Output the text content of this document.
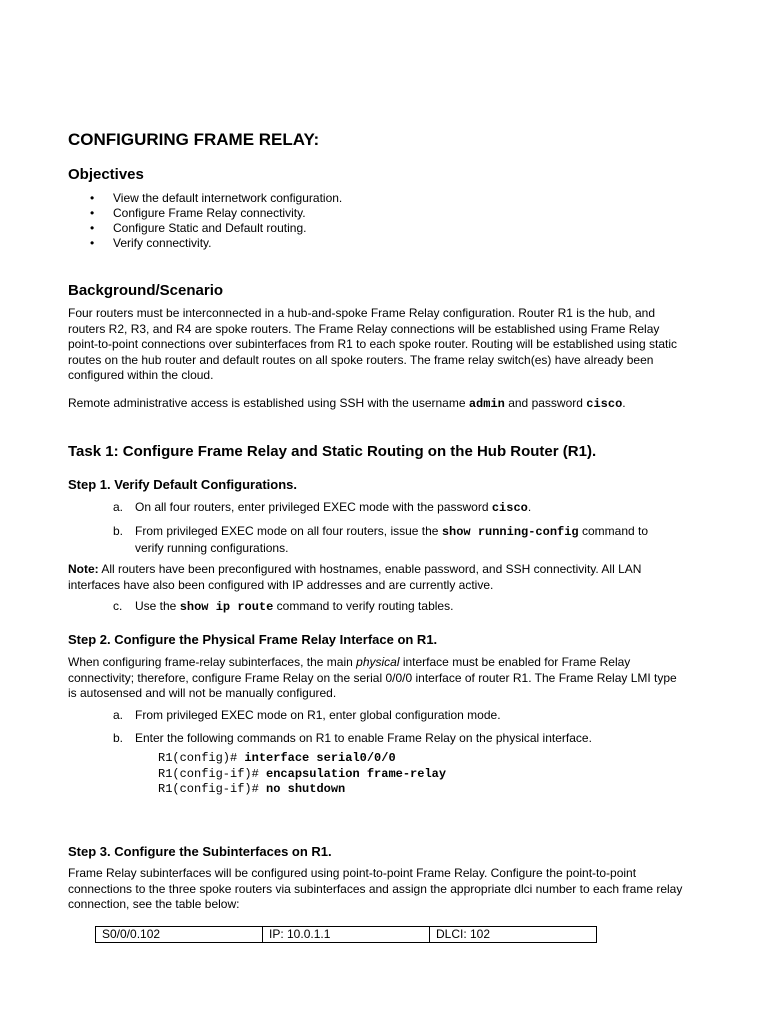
CONFIGURING FRAME RELAY:
Objectives
• View the default internetwork configuration.
• Configure Frame Relay connectivity.
• Configure Static and Default routing.
• Verify connectivity.
Background/Scenario

Four routers must be interconnected in a hub-and-spoke Frame Relay configuration. Router R1 is the hub, and routers R2, R3, and R4 are spoke routers. The Frame Relay connections will be established using Frame Relay point-to-point connections over subinterfaces from R1 to each spoke router. Routing will be established using static routes on the hub router and default routes on all spoke routers. The frame relay switch(es) have already been configured within the cloud.

Remote administrative access is established using SSH with the username admin and password cisco.

Task 1: Configure Frame Relay and Static Routing on the Hub Router (R1).
Step 1. Verify Default Configurations.
a. On all four routers, enter privileged EXEC mode with the password cisco.
b. From privileged EXEC mode on all four routers, issue the show running-config command to verify running configurations.

Note: All routers have been preconfigured with hostnames, enable password, and SSH connectivity. All LAN interfaces have also been configured with IP addresses and are currently active.

c.	Use the show ip route command to verify routing tables.
Step 2. Configure the Physical Frame Relay Interface on R1.

When configuring frame-relay subinterfaces, the main physical interface must be enabled for Frame Relay connectivity; therefore, configure Frame Relay on the serial 0/0/0 interface of router R1. The Frame Relay LMI type is autosensed and will not be manually configured.

a. From privileged EXEC mode on R1, enter global configuration mode.
b. Enter the following commands on R1 to enable Frame Relay on the physical interface.
R1(config)# interface serial0/0/0
R1(config-if)# encapsulation frame-relay
R1(config-if)# no shutdown
Step 3. Configure the Subinterfaces on R1.

Frame Relay subinterfaces will be configured using point-to-point Frame Relay. Configure the point-to-point connections to the three spoke routers via subinterfaces and assign the appropriate dlci number to each frame relay connection, see the table below:

S0/0/0.102	IP: 10.0.1.1	DLCI: 102
